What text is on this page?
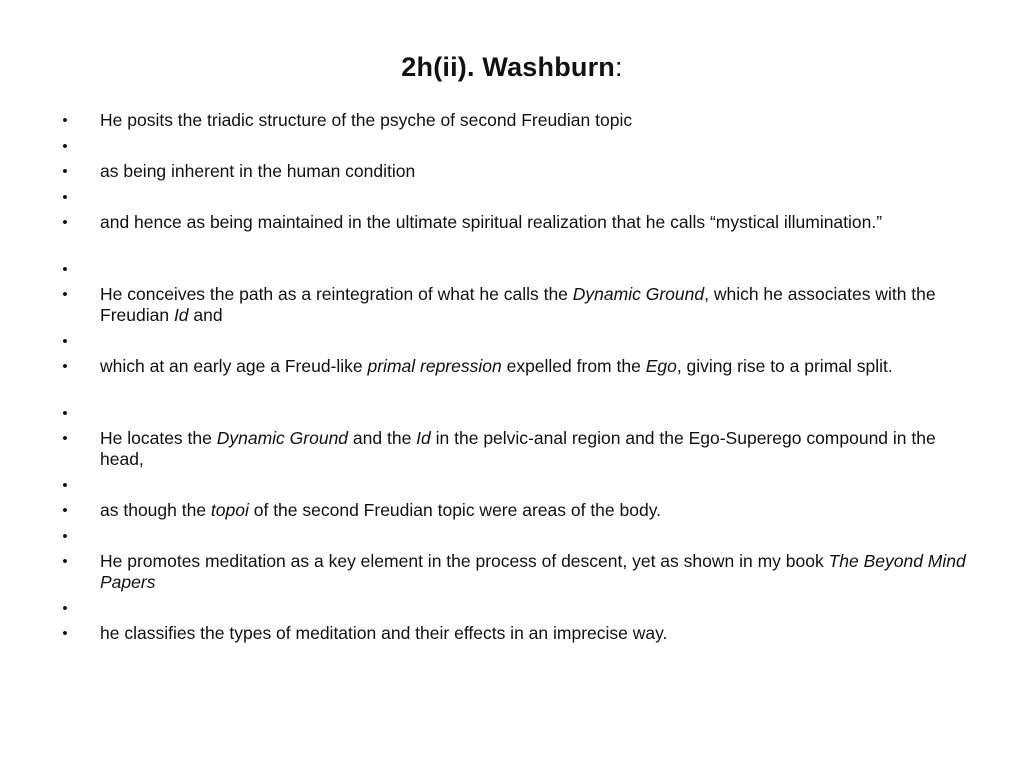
2h(ii). Washburn:
• He posits the triadic structure of the psyche of second Freudian topic
•
• as being inherent in the human condition
•
• and hence as being maintained in the ultimate spiritual realization that he calls “mystical illumination.”
•
• He conceives the path as a reintegration of what he calls the Dynamic Ground, which he associates with the Freudian Id and
•
• which at an early age a Freud-like primal repression expelled from the Ego, giving rise to a primal split.
•
• He locates the Dynamic Ground and the Id in the pelvic-anal region and the Ego-Superego compound in the head,
•
• as though the topoi of the second Freudian topic were areas of the body.
•
• He promotes meditation as a key element in the process of descent, yet as shown in my book The Beyond Mind Papers
•
• he classifies the types of meditation and their effects in an imprecise way.
